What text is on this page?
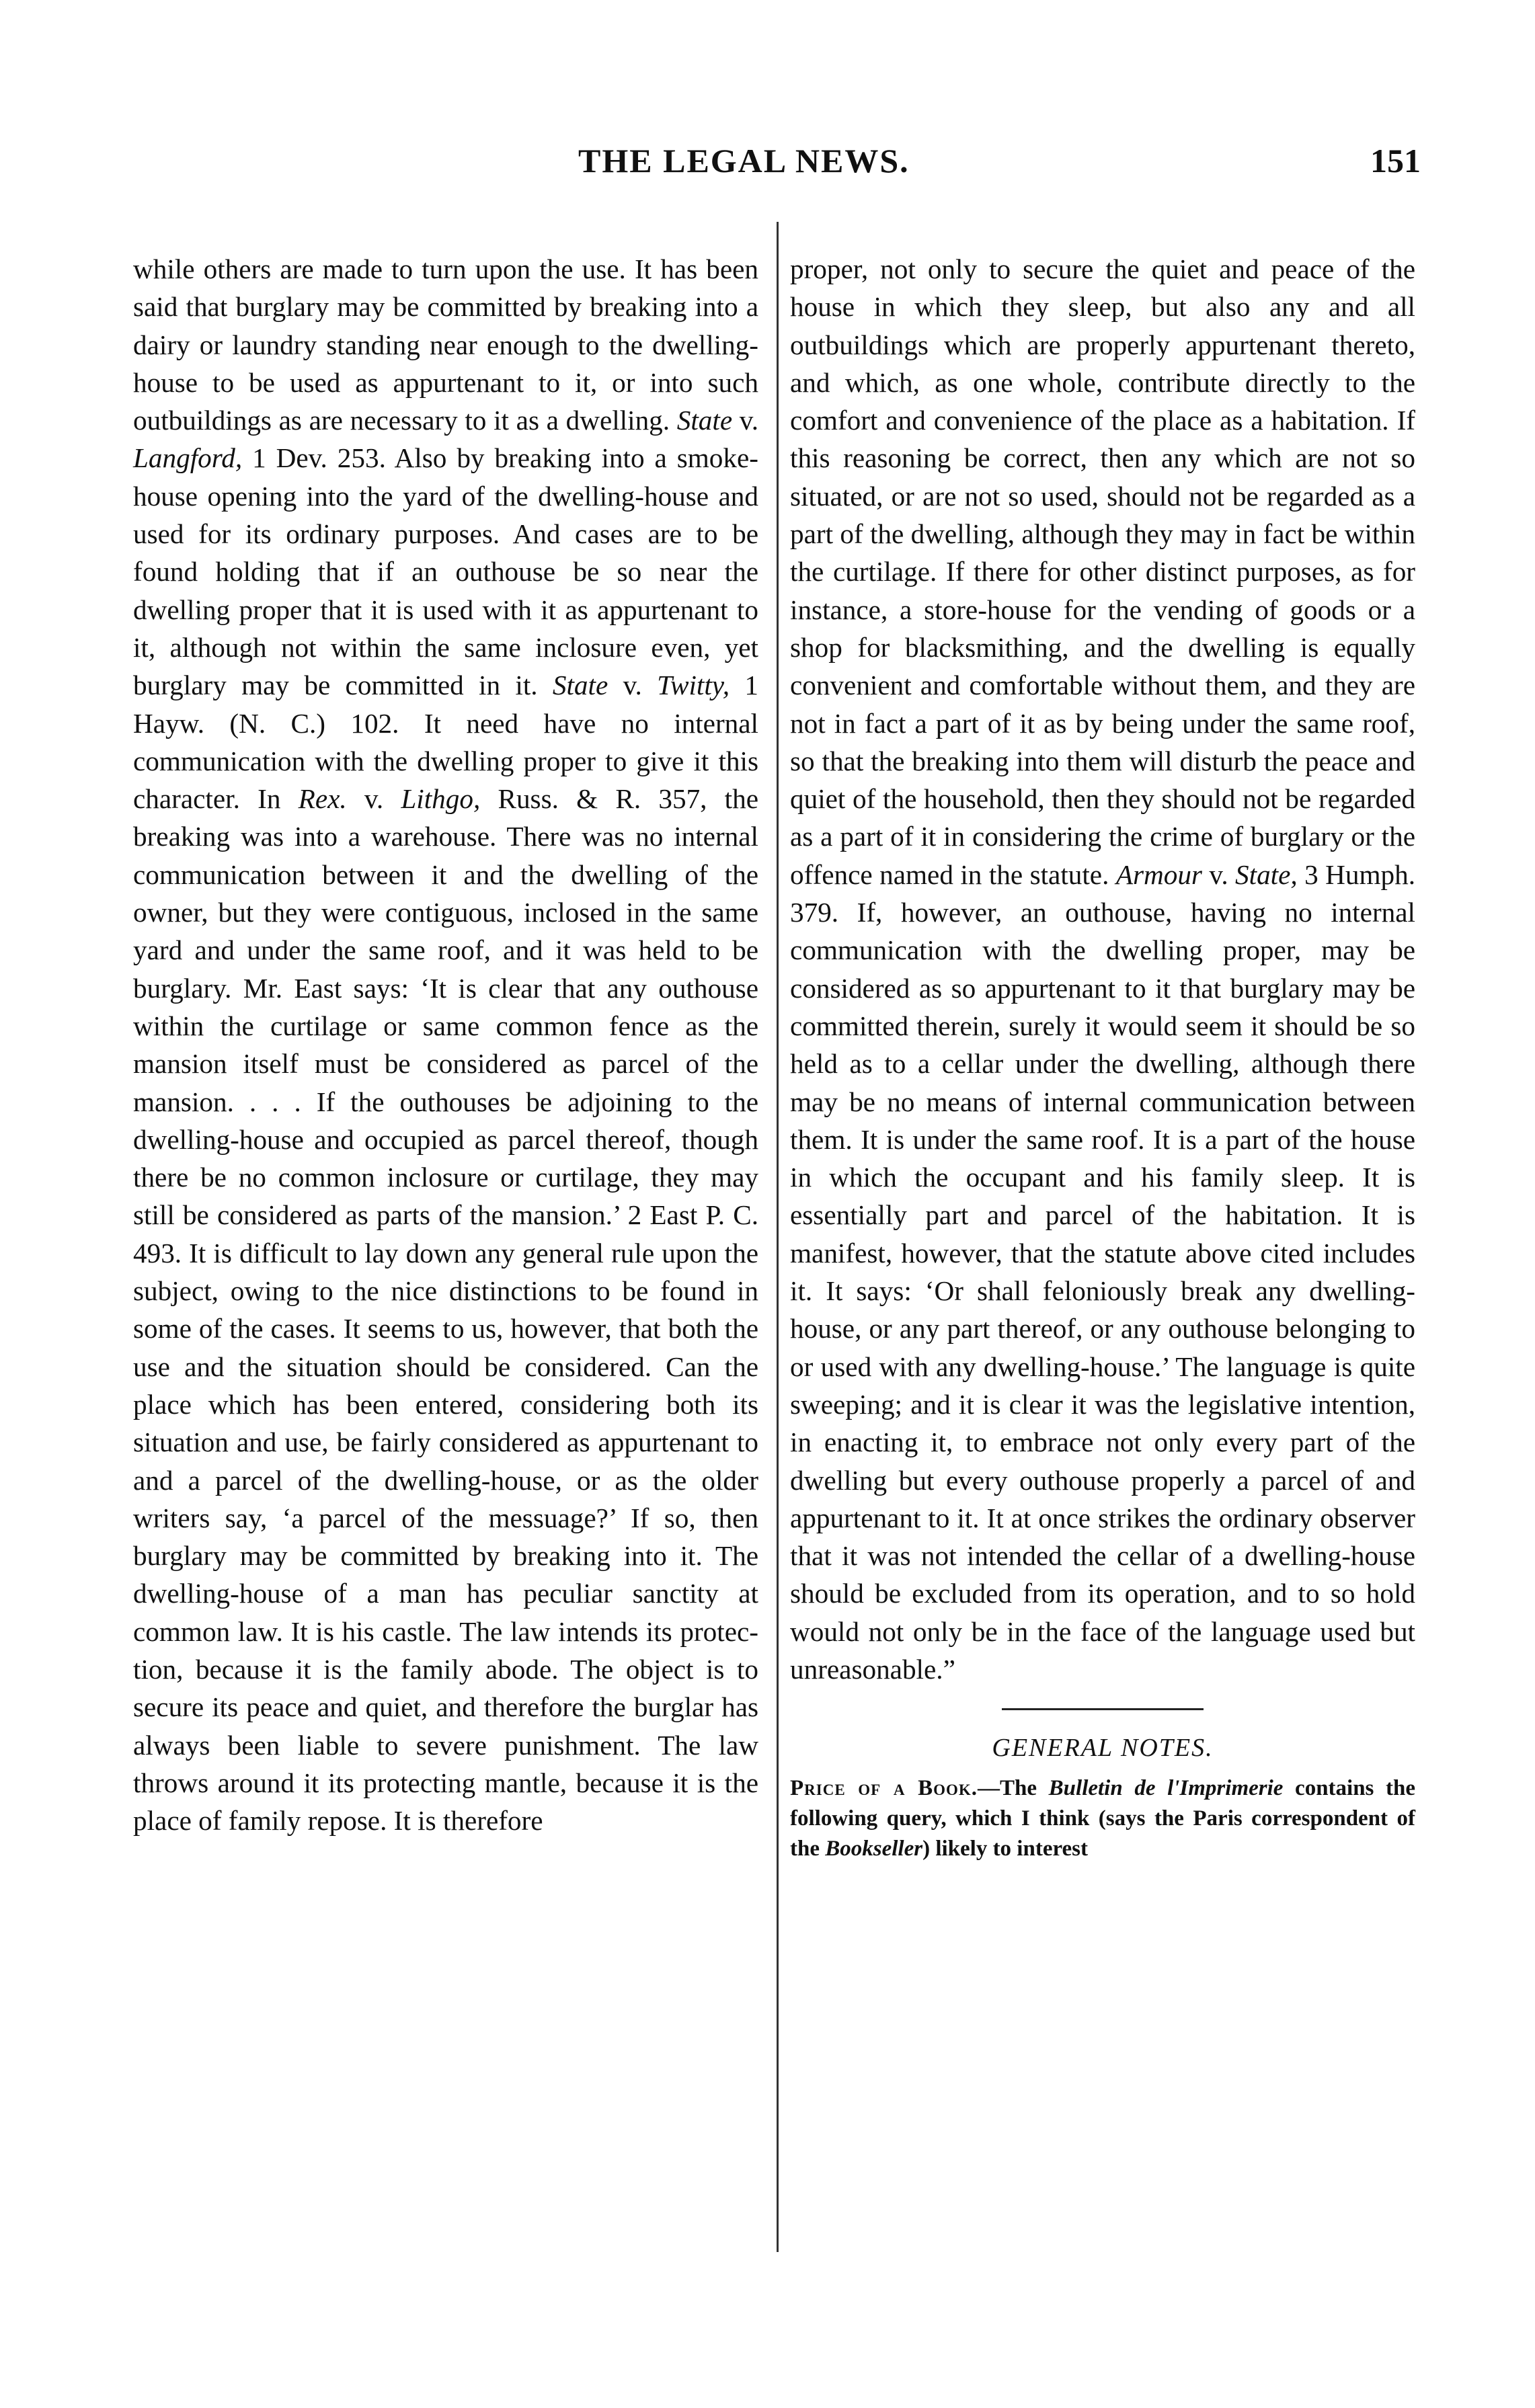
THE LEGAL NEWS.	151

while others are made to turn upon the use. It has been said that burglary may be committed by breaking into a dairy or laundry standing near enough to the dwelling-house to be used as appurtenant to it, or into such outbuildings as are necessary to it as a dwelling. State v. Langford, 1 Dev. 253. Also by breaking into a smoke-house opening into the yard of the dwelling-house and used for its ordinary purposes. And cases are to be found holding that if an outhouse be so near the dwelling proper that it is used with it as appurtenant to it, although not within the same inclosure even, yet burglary may be committed in it. State v. Twitty, 1 Hayw. (N. C.) 102. It need have no internal communication with the dwelling proper to give it this character. In Rex. v. Lithgo, Russ. & R. 357, the breaking was into a warehouse. There was no internal communication between it and the dwelling of the owner, but they were contiguous, inclosed in the same yard and under the same roof, and it was held to be burglary. Mr. East says: ‘It is clear that any outhouse within the curtilage or same common fence as the mansion itself must be considered as parcel of the mansion. . . . If the outhouses be adjoining to the dwelling-house and occupied as parcel thereof, though there be no common inclosure or curtilage, they may still be considered as parts of the mansion.’ 2 East P. C. 493. It is difficult to lay down any general rule upon the subject, owing to the nice distinctions to be found in some of the cases. It seems to us, however, that both the use and the situation should be considered. Can the place which has been entered, considering both its situation and use, be fairly considered as appurtenant to and a parcel of the dwelling-house, or as the older writers say, ‘a parcel of the messuage?’ If so, then burglary may be committed by breaking into it. The dwelling-house of a man has peculiar sanctity at common law. It is his castle. The law intends its protection, because it is the family abode. The object is to secure its peace and quiet, and therefore the burglar has always been liable to severe punishment. The law throws around it its protecting mantle, because it is the place of family repose. It is therefore

proper, not only to secure the quiet and peace of the house in which they sleep, but also any and all outbuildings which are properly appurtenant thereto, and which, as one whole, contribute directly to the comfort and convenience of the place as a habitation. If this reasoning be correct, then any which are not so situated, or are not so used, should not be regarded as a part of the dwelling, although they may in fact be within the curtilage. If there for other distinct purposes, as for instance, a store-house for the vending of goods or a shop for blacksmithing, and the dwelling is equally convenient and comfortable without them, and they are not in fact a part of it as by being under the same roof, so that the breaking into them will disturb the peace and quiet of the household, then they should not be regarded as a part of it in considering the crime of burglary or the offence named in the statute. Armour v. State, 3 Humph. 379. If, however, an outhouse, having no internal communication with the dwelling proper, may be considered as so appurtenant to it that burglary may be committed therein, surely it would seem it should be so held as to a cellar under the dwelling, although there may be no means of internal communication between them. It is under the same roof. It is a part of the house in which the occupant and his family sleep. It is essentially part and parcel of the habitation. It is manifest, however, that the statute above cited includes it. It says: ‘Or shall feloniously break any dwelling-house, or any part thereof, or any outhouse belonging to or used with any dwelling-house.’ The language is quite sweeping; and it is clear it was the legislative intention, in enacting it, to embrace not only every part of the dwelling but every outhouse properly a parcel of and appurtenant to it. It at once strikes the ordinary observer that it was not intended the cellar of a dwelling-house should be excluded from its operation, and to so hold would not only be in the face of the language used but unreasonable.”

GENERAL NOTES.

Price of a Book.—The Bulletin de l'Imprimerie contains the following query, which I think (says the Paris correspondent of the Bookseller) likely to interest
